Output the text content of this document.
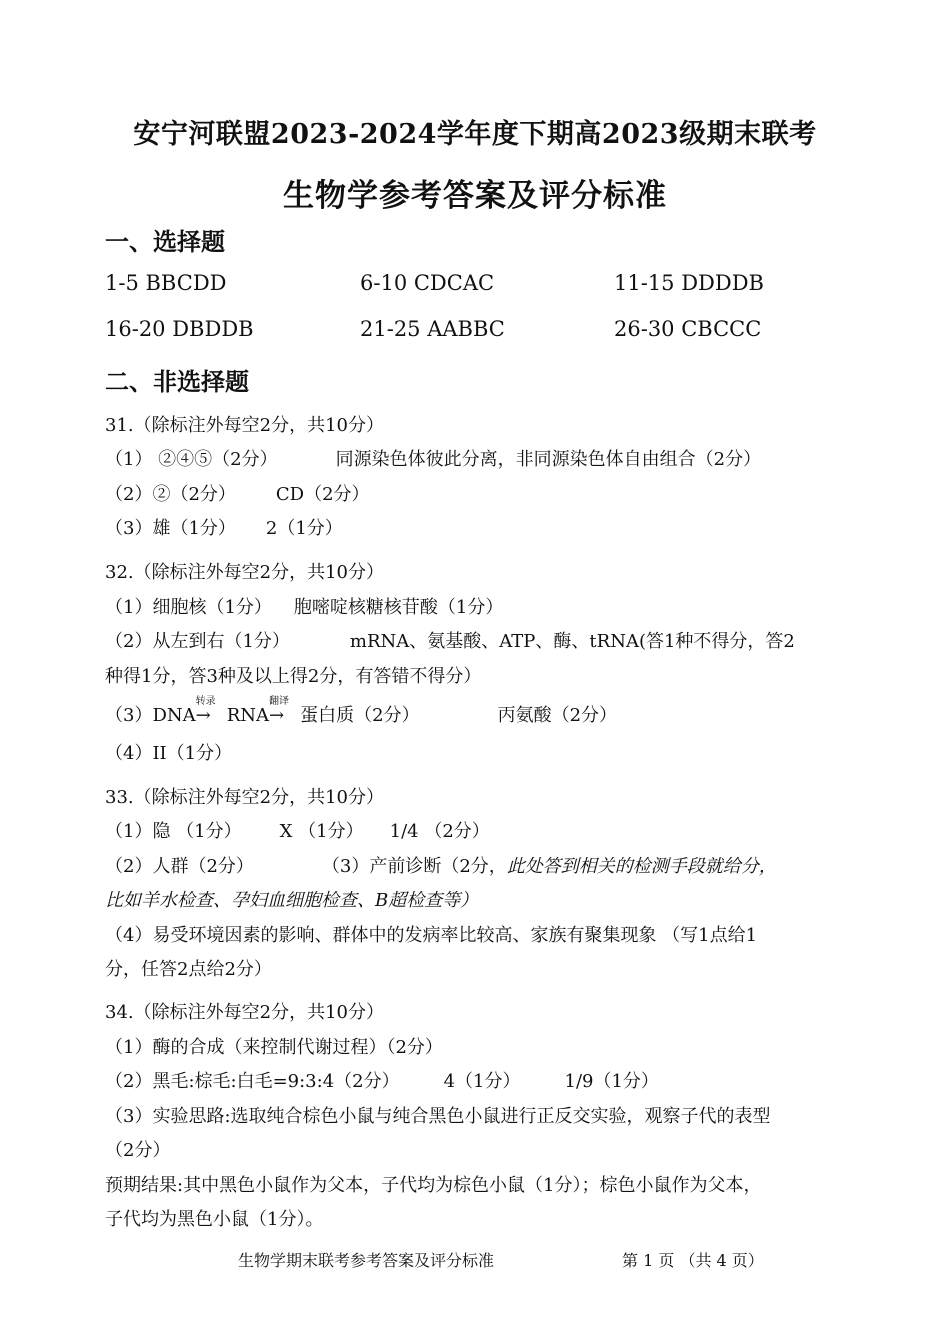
安宁河联盟2023-2024学年度下期高2023级期末联考
生物学参考答案及评分标准
一、选择题
1-5 BBCDD	6-10 CDCAC	11-15 DDDDB
16-20 DBDDB	21-25 AABBC	26-30 CBCCC
二、非选择题
31.（除标注外每空2分，共10分）
（1） ②④⑤（2分）	同源染色体彼此分离，非同源染色体自由组合（2分）
（2）②（2分） CD（2分）
（3）雄（1分） 2（1分）
32.（除标注外每空2分，共10分）
（1）细胞核（1分） 胞嘧啶核糖核苷酸（1分）
（2）从左到右（1分）	mRNA、氨基酸、ATP、酶、tRNA(答1种不得分，答2
种得1分，答3种及以上得2分，有答错不得分）
（3）DNA
转录
→ RNA
翻译
→ 蛋白质（2分）	丙氨酸（2分）
（4）II（1分）
33.（除标注外每空2分，共10分）
（1）隐 （1分） X （1分） 1/4 （2分）
（2）人群（2分）	（3）产前诊断（2分，此处答到相关的检测手段就给分，
比如羊水检查、孕妇血细胞检查、B超检查等）
（4）易受环境因素的影响、群体中的发病率比较高、家族有聚集现象 （写1点给1
分，任答2点给2分）
34.（除标注外每空2分，共10分）
（1）酶的合成（来控制代谢过程）（2分）
（2）黑毛:棕毛:白毛=9:3:4（2分） 4（1分） 1/9（1分）
（3）实验思路:选取纯合棕色小鼠与纯合黑色小鼠进行正反交实验，观察子代的表型
（2分）
预期结果:其中黑色小鼠作为父本，子代均为棕色小鼠（1分）；棕色小鼠作为父本，
子代均为黑色小鼠（1分）。
生物学期末联考参考答案及评分标准	第 1 页 （共 4 页）
